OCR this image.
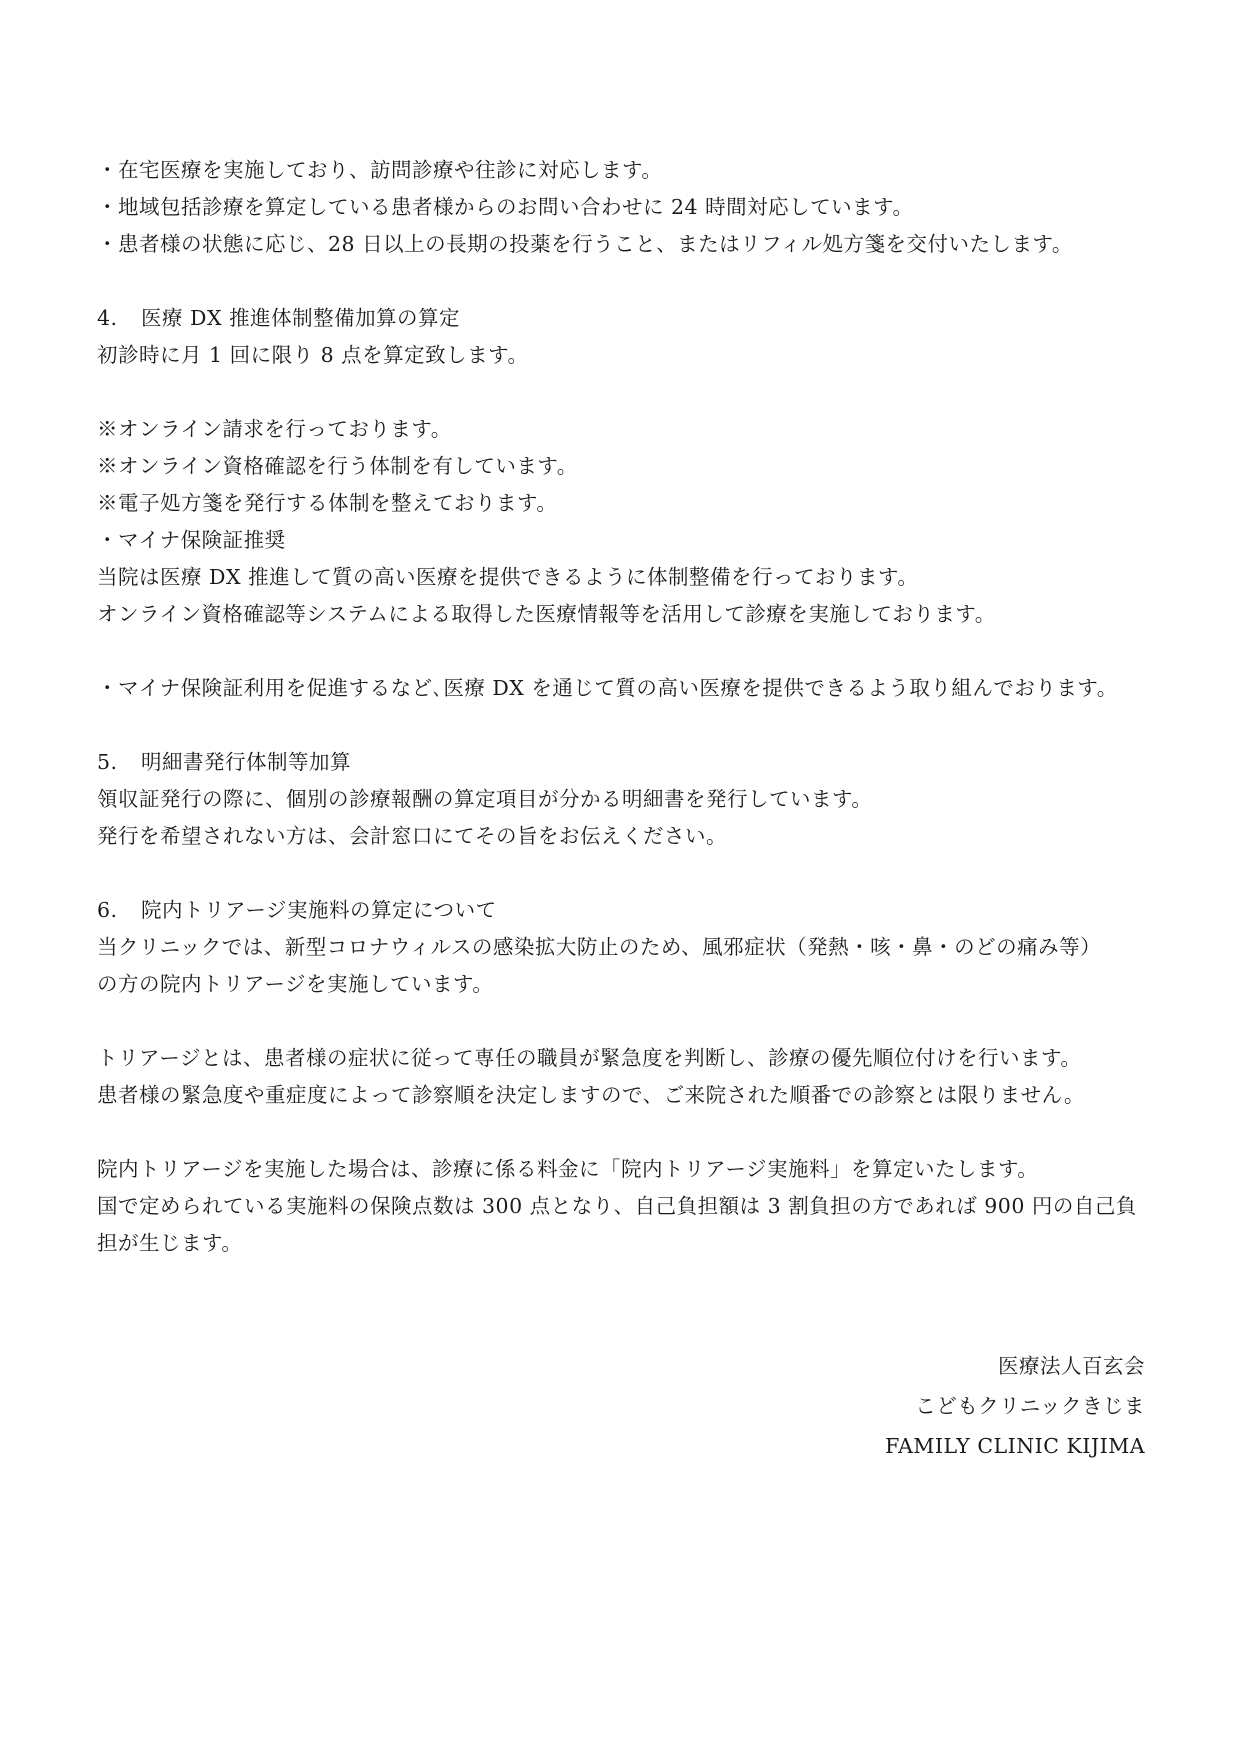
・在宅医療を実施しており、訪問診療や往診に対応します。
・地域包括診療を算定している患者様からのお問い合わせに 24 時間対応しています。
・患者様の状態に応じ、28 日以上の長期の投薬を行うこと、またはリフィル処方箋を交付いたします。
4. 医療 DX 推進体制整備加算の算定
初診時に月 1 回に限り 8 点を算定致します。
※オンライン請求を行っております。
※オンライン資格確認を行う体制を有しています。
※電子処方箋を発行する体制を整えております。
・マイナ保険証推奨
当院は医療 DX 推進して質の高い医療を提供できるように体制整備を行っております。
オンライン資格確認等システムによる取得した医療情報等を活用して診療を実施しております。
・マイナ保険証利用を促進するなど､医療 DX を通じて質の高い医療を提供できるよう取り組んでおります。
5. 明細書発行体制等加算
領収証発行の際に、個別の診療報酬の算定項目が分かる明細書を発行しています。
発行を希望されない方は、会計窓口にてその旨をお伝えください。
6. 院内トリアージ実施料の算定について
当クリニックでは、新型コロナウィルスの感染拡大防止のため、風邪症状（発熱・咳・鼻・のどの痛み等）
の方の院内トリアージを実施しています。
トリアージとは、患者様の症状に従って専任の職員が緊急度を判断し、診療の優先順位付けを行います。
患者様の緊急度や重症度によって診察順を決定しますので、ご来院された順番での診察とは限りません。
院内トリアージを実施した場合は、診療に係る料金に「院内トリアージ実施料」を算定いたします。
国で定められている実施料の保険点数は 300 点となり、自己負担額は 3 割負担の方であれば 900 円の自己負
担が生じます。
医療法人百玄会
こどもクリニックきじま
FAMILY CLINIC KIJIMA
